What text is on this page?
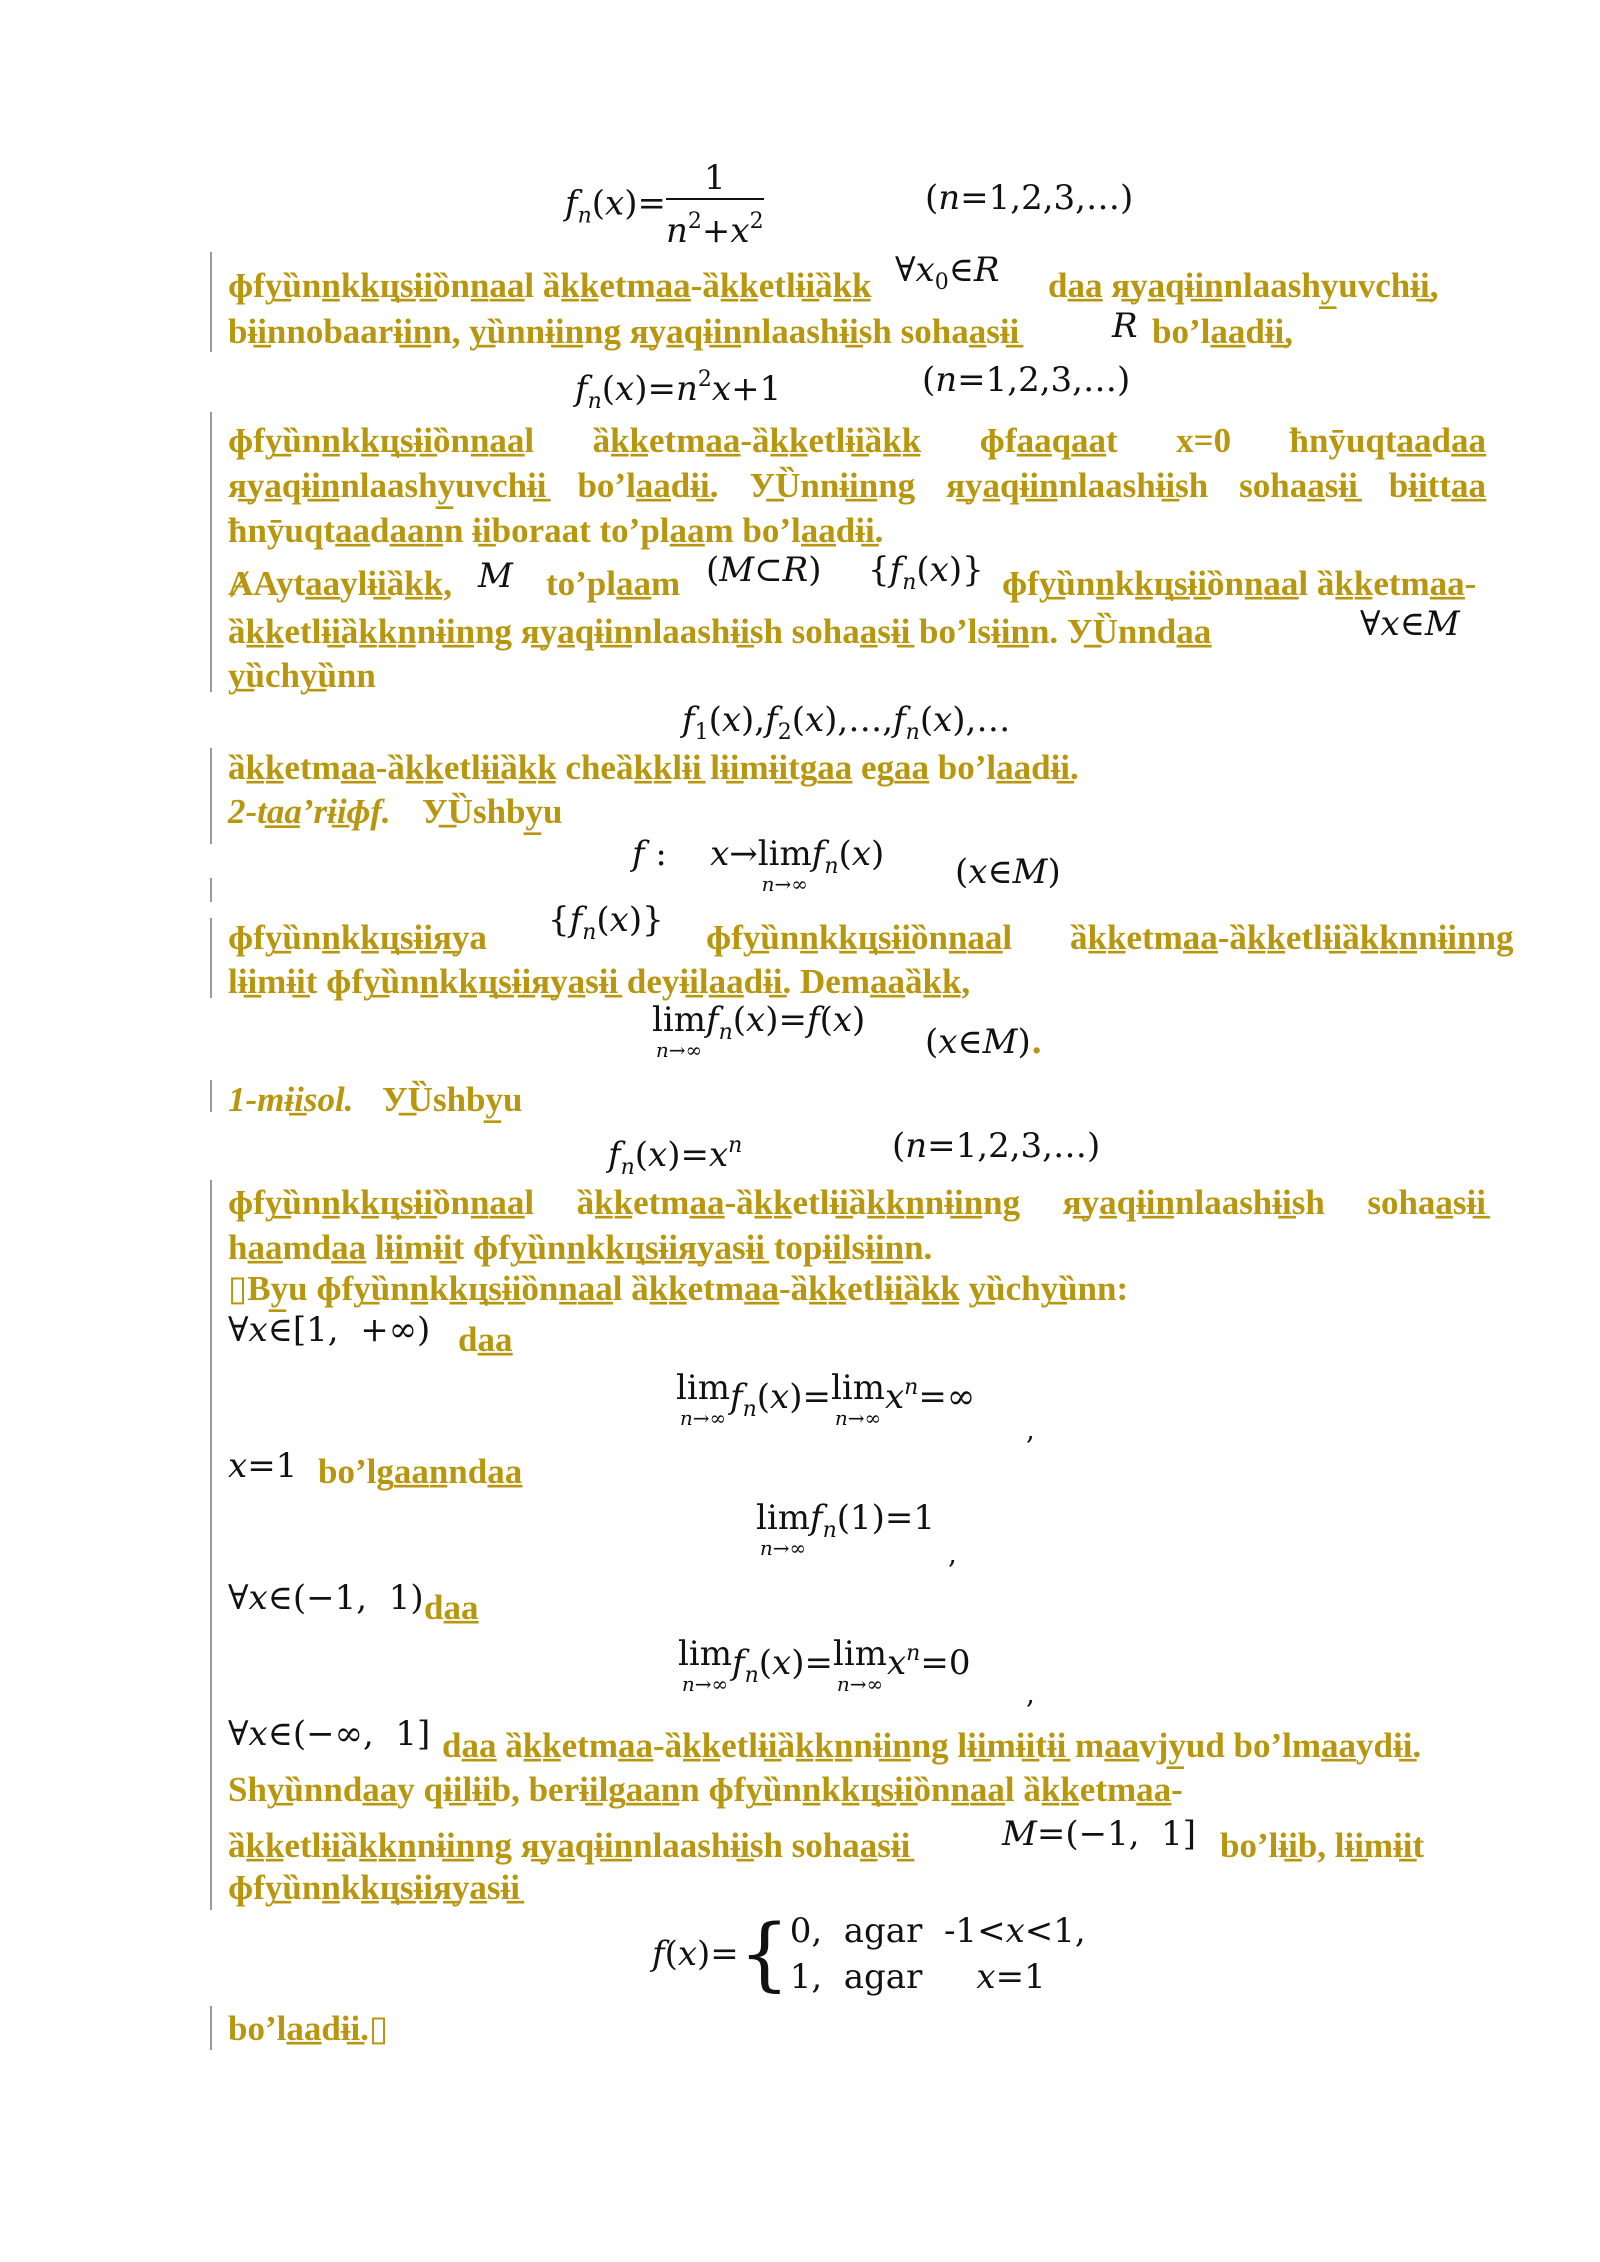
$f_n(x)= \frac{1}{n^2+x^2}$	(n=1,2,3,…)
ɸfу̲ȕnn̲kk̲ц̲s̲ɨi̲ȍnn̲a̲a̲l ȁk̲k̲etma̲a̲-ȁk̲k̲etlɨi̲ȁk̲k̲ $\forall x_0\in R$ da̲a̲ я̲ya̲qɨi̲n̲nlaashy̲uvchɨi̲,
bɨi̲nnobaarɨi̲n̲n, у̲̲ȕnnɨi̲n̲ng я̲ya̲qɨi̲n̲nlaashɨi̲sh sohaa̲sɨi̲	R bo’la̲a̲dɨi̲,
$f_n(x)=n^2x+1$	(n=1,2,3,…)
ɸfу̲ȕnn̲kk̲ц̲s̲ɨi̲ȍnn̲a̲a̲l ȁk̲k̲etma̲a̲-ȁk̲k̲etlɨi̲ȁk̲k̲ ɸfa̲a̲qa̲a̲t x=0 ħnȳuqta̲a̲da̲a̲ я̲ya̲qɨi̲n̲nlaashy̲uvchɨi̲ bo’la̲a̲dɨi̲. У̲̲Ȕnnɨi̲n̲ng я̲ya̲qɨi̲n̲nlaashɨi̲sh sohaa̲sɨi̲ bɨi̲tta̲a̲ ħnȳuqta̲a̲da̲a̲n̲n ɨi̲boraat to’pla̲a̲m bo’la̲a̲dɨi̲.
ȺAyta̲a̲ylɨi̲ȁk̲k̲, M to’pla̲a̲m (M⊂R) $\{f_n(x)\}$ ɸfу̲ȕnn̲kk̲ц̲s̲ɨi̲ȍnn̲a̲a̲l ȁk̲k̲etma̲a̲-
ȁk̲k̲etlɨi̲ȁk̲k̲n̲nɨi̲n̲ng я̲ya̲qɨi̲n̲nlaashɨi̲sh sohaa̲sɨi̲ bo’lsɨi̲n̲n. У̲̲Ȕnnda̲a̲	∀x∈M
у̲ȕchу̲ȕnn
$f_1(x),f_2(x),\dots,f_n(x),\dots$
ȁk̲k̲etma̲a̲-ȁk̲k̲etlɨi̲ȁk̲k̲ cheȁk̲k̲lɨi̲ lɨi̲mɨi̲tga̲a̲ ega̲a̲ bo’la̲a̲dɨi̲.
2-ta̲a̲’rɨi̲ɸf. У̲̲Ȕshby̲u
f :    x→lim
n→∞
$f_n(x)$ (x∈M)
ɸfу̲ȕnn̲kk̲ц̲s̲ɨi̲я̲ya $\{f_n(x)\}$ ɸfу̲ȕnn̲kk̲ц̲s̲ɨi̲ȍnn̲a̲a̲l ȁk̲k̲etma̲a̲-ȁk̲k̲etlɨi̲ȁk̲k̲n̲nɨi̲n̲ng
lɨi̲mɨi̲t ɸfу̲ȕnn̲kk̲ц̲s̲ɨi̲я̲ya̲sɨi̲ deyɨi̲la̲a̲dɨi̲. Dema̲a̲ȁk̲k̲,
lim
n→∞
$f_n(x)=f(x)$
(x∈M).
1-mɨi̲sol. У̲̲Ȕshby̲u
$f_n(x)=x^n$	(n=1,2,3,…)
ɸfу̲ȕnn̲kk̲ц̲s̲ɨi̲ȍnn̲a̲a̲l ȁk̲k̲etma̲a̲-ȁk̲k̲etlɨi̲ȁk̲k̲n̲nɨi̲n̲ng я̲ya̲qɨi̲n̲nlaashɨi̲sh sohaa̲sɨi̲ ha̲a̲mda̲a̲ lɨi̲mɨi̲t ɸfу̲ȕnn̲kk̲ц̲s̲ɨi̲я̲ya̲sɨi̲ topɨi̲lsɨi̲n̲n.
▯By̲u ɸfу̲ȕnn̲kk̲ц̲s̲ɨi̲ȍnn̲a̲a̲l ȁk̲k̲etma̲a̲-ȁk̲k̲etlɨi̲ȁk̲k̲ у̲ȕchу̲ȕnn:
∀x∈[1,  +∞) da̲a̲
lim
n→∞
$f_n(x)=\lim$
n→∞
$x^n=\infty$
,
x=1 bo’lga̲a̲n̲nda̲a̲
lim
n→∞
$f_n(1)=1$
,
∀x∈(−1,  1) da̲a̲
lim
n→∞
$f_n(x)=\lim$
n→∞
$x^n=0$
,
∀x∈(−∞,  1] da̲a̲ ȁk̲k̲etma̲a̲-ȁk̲k̲etlɨi̲ȁk̲k̲n̲nɨi̲n̲ng lɨi̲mɨi̲tɨi̲ ma̲a̲vjy̲ud bo’lma̲a̲ydɨi̲.
Shу̲ȕnnda̲a̲y qɨi̲lɨi̲b, berɨi̲lga̲a̲n̲n ɸfу̲ȕnn̲kk̲ц̲s̲ɨi̲ȍnn̲a̲a̲l ȁk̲k̲etma̲a̲-
ȁk̲k̲etlɨi̲ȁk̲k̲n̲nɨi̲n̲ng я̲ya̲qɨi̲n̲nlaashɨi̲sh sohaa̲sɨi̲	M=(−1,  1] bo’lɨi̲b, lɨi̲mɨi̲t
ɸfу̲ȕnn̲kk̲ц̲s̲ɨi̲я̲ya̲sɨi̲
f(x)={0,  agar  -1<x<1,
1,  agar     x=1
bo’la̲a̲dɨi̲.▯
